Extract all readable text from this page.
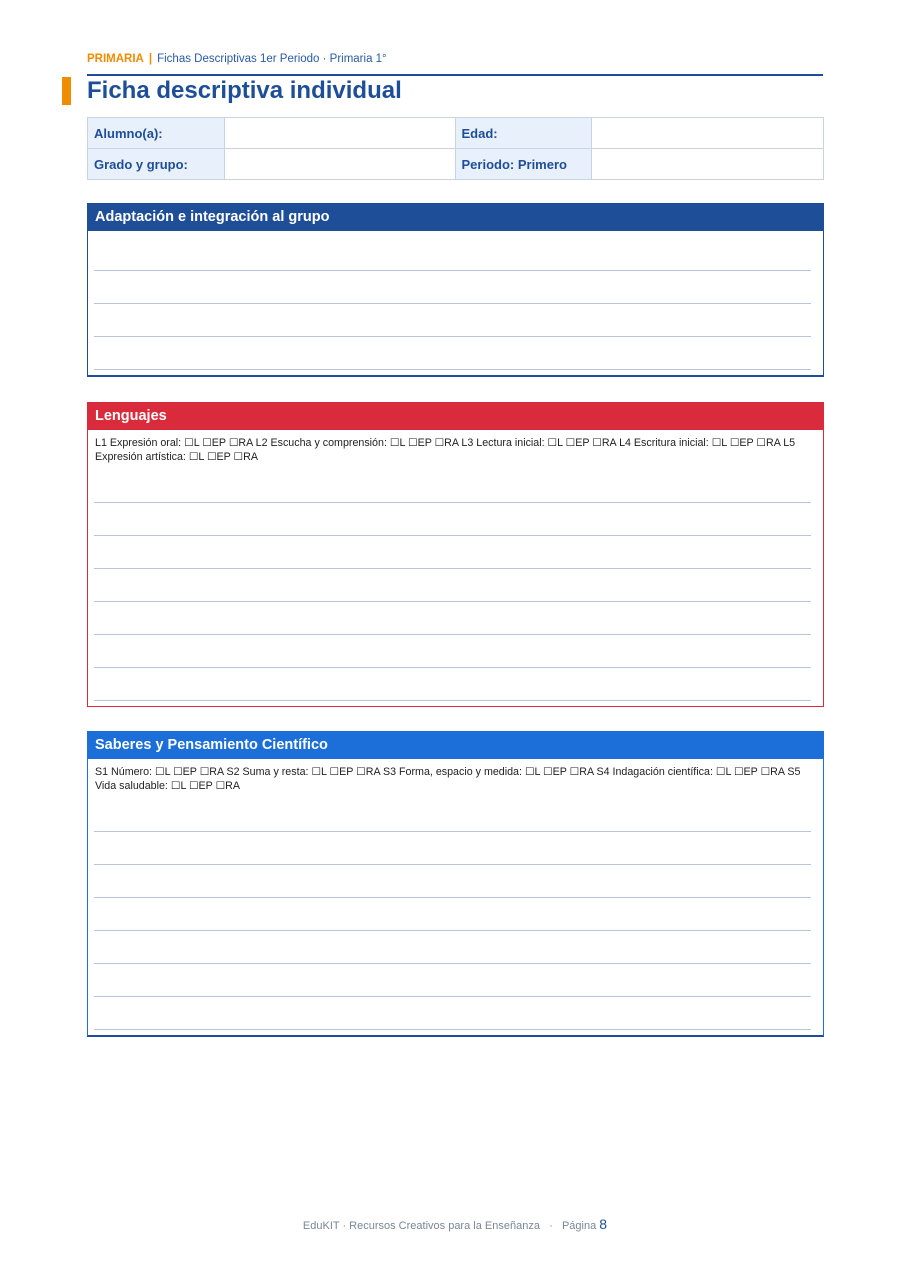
PRIMARIA | Fichas Descriptivas 1er Periodo · Primaria 1°
Ficha descriptiva individual
Alumno(a):		Edad:	
Grado y grupo:		Periodo: Primero	
Adaptación e integración al grupo
Lenguajes
L1 Expresión oral: ☐L ☐EP ☐RA L2 Escucha y comprensión: ☐L ☐EP ☐RA L3 Lectura inicial: ☐L ☐EP ☐RA L4 Escritura inicial: ☐L ☐EP ☐RA L5 Expresión artística: ☐L ☐EP ☐RA
Saberes y Pensamiento Científico
S1 Número: ☐L ☐EP ☐RA S2 Suma y resta: ☐L ☐EP ☐RA S3 Forma, espacio y medida: ☐L ☐EP ☐RA S4 Indagación científica: ☐L ☐EP ☐RA S5 Vida saludable: ☐L ☐EP ☐RA
EduKIT · Recursos Creativos para la Enseñanza · Página 8
